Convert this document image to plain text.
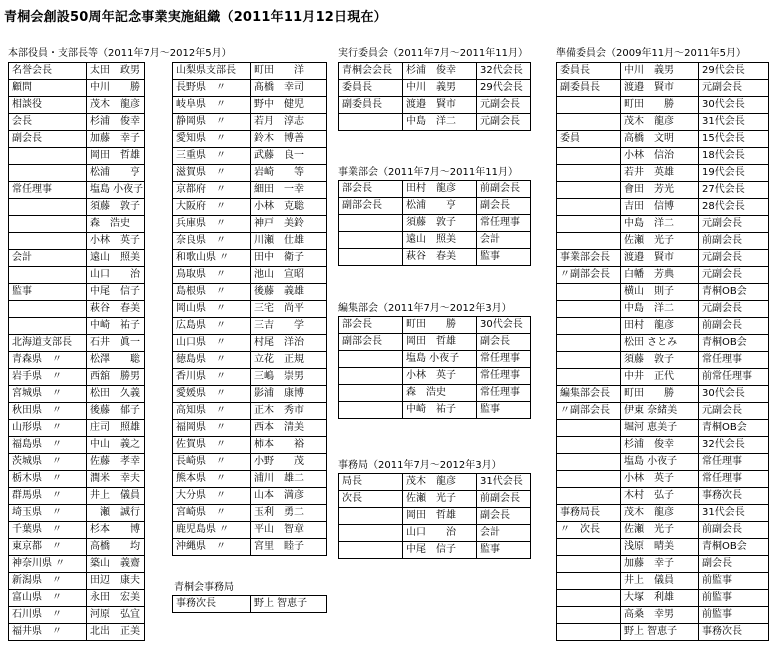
青桐会創設50周年記念事業実施組織（2011年11月12日現在）
本部役員・支部長等（2011年7月～2012年5月）
名誉会長	太田　政男
顧問	中川　　勝
相談役	茂木　龍彦
会長	杉浦　俊幸
副会長	加藤　幸子
	岡田　哲雄
	松浦　　亨
常任理事	塩島 小夜子
	須藤　敦子
	森　浩史
	小林　英子
会計	遠山　照美
	山口　　治
監事	中尾　信子
	萩谷　春美
	中崎　祐子
北海道支部長	石井　眞一
青森県　〃	松澤　　聡
岩手県　〃	西舘　勝男
宮城県　〃	松田　久義
秋田県　〃	後藤　郁子
山形県　〃	庄司　照雄
福島県　〃	中山　義之
茨城県　〃	佐藤　孝幸
栃木県　〃	潤米　幸夫
群馬県　〃	井上　儀員
埼玉県　〃	　瀬　誠行
千葉県　〃	杉本　　博
東京都　〃	高橋　　均
神奈川県 〃	築山　義齋
新潟県　〃	田辺　康夫
富山県　〃	永田　宏美
石川県　〃	河原　弘宜
福井県　〃	北出　正美
山梨県支部長	町田　　洋
長野県　〃	髙橋　幸司
岐阜県　〃	野中　健児
静岡県　〃	若月　淳志
愛知県　〃	鈴木　博善
三重県　〃	武藤　良一
滋賀県　〃	岩崎　　等
京都府　〃	細田　一幸
大阪府　〃	小林　克聡
兵庫県　〃	神戸　美鈴
奈良県　〃	川瀬　仕雄
和歌山県 〃	田中　衛子
鳥取県　〃	池山　宣昭
島根県　〃	後藤　義雄
岡山県　〃	三宅　尚平
広島県　〃	三吉　　学
山口県　〃	村尾　洋治
徳島県　〃	立花　正規
香川県　〃	三嶋　崇男
愛媛県　〃	影浦　康博
高知県　〃	正木　秀市
福岡県　〃	西本　清美
佐賀県　〃	柿本　　裕
長崎県　〃	小野　　茂
熊本県　〃	浦川　雄二
大分県　〃	山本　満彦
宮崎県　〃	玉利　勇二
鹿児島県 〃	平山　智章
沖縄県　〃	宮里　睦子
青桐会事務局
事務次長	野上 智恵子
実行委員会（2011年7月～2011年11月）
青桐会会長	杉浦　俊幸	32代会長
委員長	中川　義男	29代会長
副委員長	渡邉　賢市	元副会長
	中島　洋二	元副会長
事業部会（2011年7月～2011年11月）
部会長	田村　龍彦	前副会長
副部会長	松浦　　亨	副会長
	須藤　敦子	常任理事
	遠山　照美	会計
	萩谷　春美	監事
編集部会（2011年7月～2012年3月）
部会長	町田　　勝	30代会長
副部会長	岡田　哲雄	副会長
	塩島 小夜子	常任理事
	小林　英子	常任理事
	森　浩史	常任理事
	中崎　祐子	監事
事務局（2011年7月～2012年3月）
局長	茂木　龍彦	31代会長
次長	佐瀬　光子	前副会長
	岡田　哲雄	副会長
	山口　　治	会計
	中尾　信子	監事
準備委員会（2009年11月～2011年5月）
委員長	中川　義男	29代会長
副委員長	渡邉　賢市	元副会長
	町田　　勝	30代会長
	茂木　龍彦	31代会長
委員	高橋　文明	15代会長
	小林　信治	18代会長
	若井　英雄	19代会長
	會田　芳光	27代会長
	吉田　信博	28代会長
	中島　洋二	元副会長
	佐瀬　光子	前副会長
事業部会長	渡邉　賢市	元副会長
〃副部会長	白幡　芳典	元副会長
	横山　則子	青桐OB会
	中島　洋二	元副会長
	田村　龍彦	前副会長
	松田 さとみ	青桐OB会
	須藤　敦子	常任理事
	中井　正代	前常任理事
編集部会長	町田　　勝	30代会長
〃副部会長	伊東 奈緒美	元副会長
	堀河 恵美子	青桐OB会
	杉浦　俊幸	32代会長
	塩島 小夜子	常任理事
	小林　英子	常任理事
	木村　弘子	事務次長
事務局長	茂木　龍彦	31代会長
〃　次長	佐瀬　光子	前副会長
	浅原　晴美	青桐OB会
	加藤　幸子	副会長
	井上　儀員	前監事
	大塚　利雄	前監事
	高桑　幸男	前監事
	野上 智恵子	事務次長
